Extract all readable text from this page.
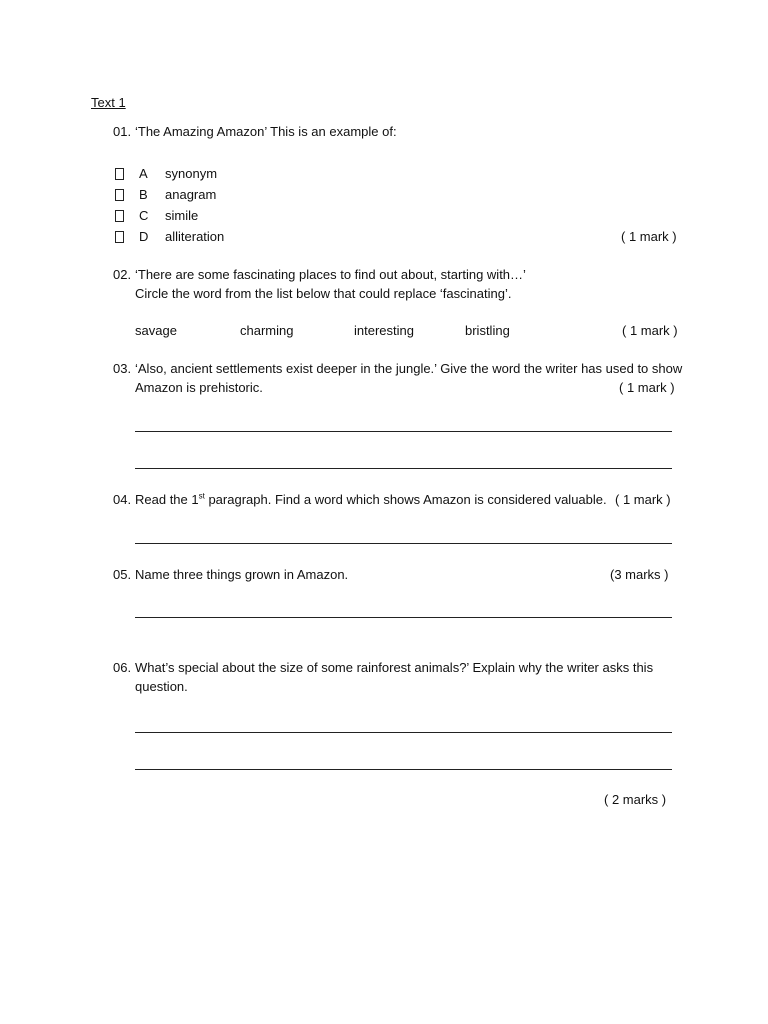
Text 1
01. ‘The Amazing Amazon’ This is an example of:
A synonym
B anagram
C simile
D alliteration	( 1 mark )
02. ‘There are some fascinating places to find out about, starting with…’
Circle the word from the list below that could replace ‘fascinating’.
savage	charming	interesting	bristling	( 1 mark )
03. ‘Also, ancient settlements exist deeper in the jungle.’ Give the word the writer has used to show
Amazon is prehistoric.	( 1 mark )
04. Read the 1st paragraph. Find a word which shows Amazon is considered valuable. ( 1 mark )
05. Name three things grown in Amazon.	(3 marks )
06. What’s special about the size of some rainforest animals?’ Explain why the writer asks this
question.
( 2 marks )
